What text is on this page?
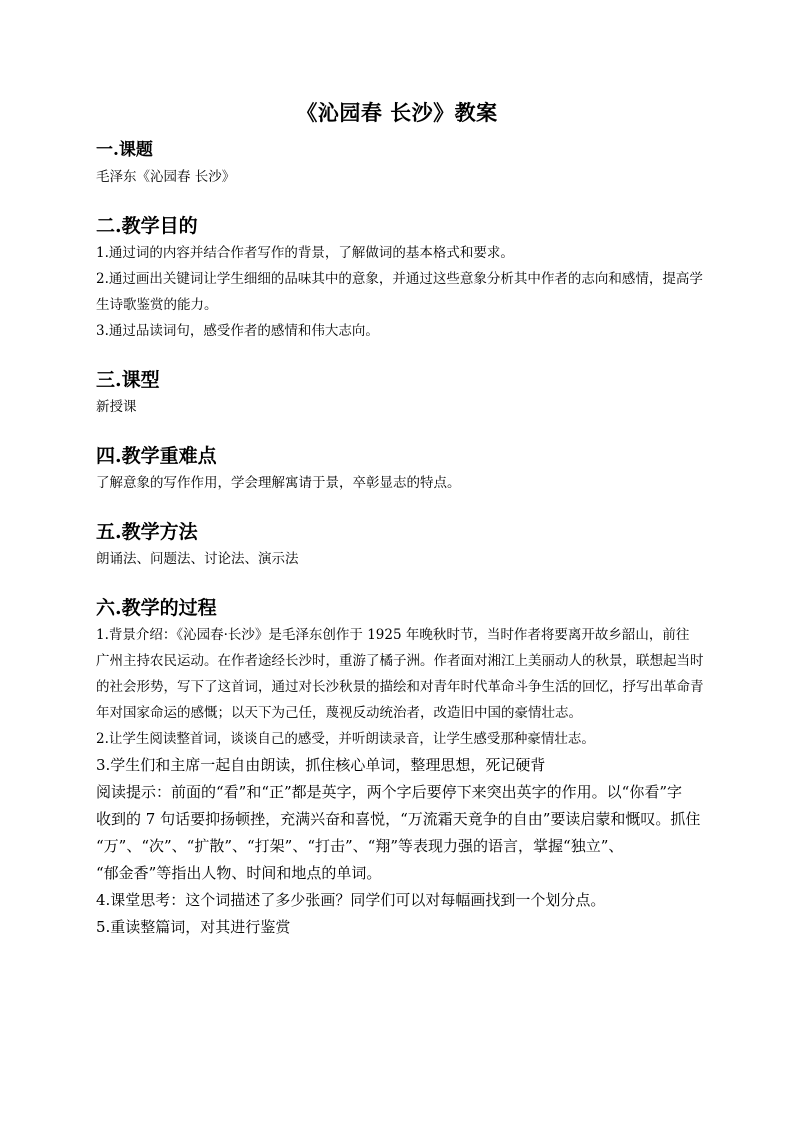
《沁园春 长沙》教案

一.课题

毛泽东《沁园春 长沙》

二.教学目的

1.通过词的内容并结合作者写作的背景，了解做词的基本格式和要求。

2.通过画出关键词让学生细细的品味其中的意象，并通过这些意象分析其中作者的志向和感情，提高学

生诗歌鉴赏的能力。

3.通过品读词句，感受作者的感情和伟大志向。

三.课型

新授课

四.教学重难点

了解意象的写作作用，学会理解寓请于景，卒彰显志的特点。

五.教学方法

朗诵法、问题法、讨论法、演示法

六.教学的过程

1.背景介绍：《沁园春·长沙》是毛泽东创作于 1925 年晚秋时节，当时作者将要离开故乡韶山，前往

广州主持农民运动。在作者途经长沙时，重游了橘子洲。作者面对湘江上美丽动人的秋景，联想起当时

的社会形势，写下了这首词，通过对长沙秋景的描绘和对青年时代革命斗争生活的回忆，抒写出革命青

年对国家命运的感慨；以天下为己任，蔑视反动统治者，改造旧中国的豪情壮志。

2.让学生阅读整首词，谈谈自己的感受，并听朗读录音，让学生感受那种豪情壮志。

3.学生们和主席一起自由朗读，抓住核心单词，整理思想，死记硬背

阅读提示：前面的“看”和“正”都是英字，两个字后要停下来突出英字的作用。以“你看”字

收到的 7 句话要抑扬顿挫，充满兴奋和喜悦，“万流霜天竟争的自由”要读启蒙和慨叹。抓住

“万”、“次”、“扩散”、“打架”、“打击”、“翔”等表现力强的语言，掌握“独立”、

“郁金香”等指出人物、时间和地点的单词。

4.课堂思考：这个词描述了多少张画？同学们可以对每幅画找到一个划分点。

5.重读整篇词，对其进行鉴赏
